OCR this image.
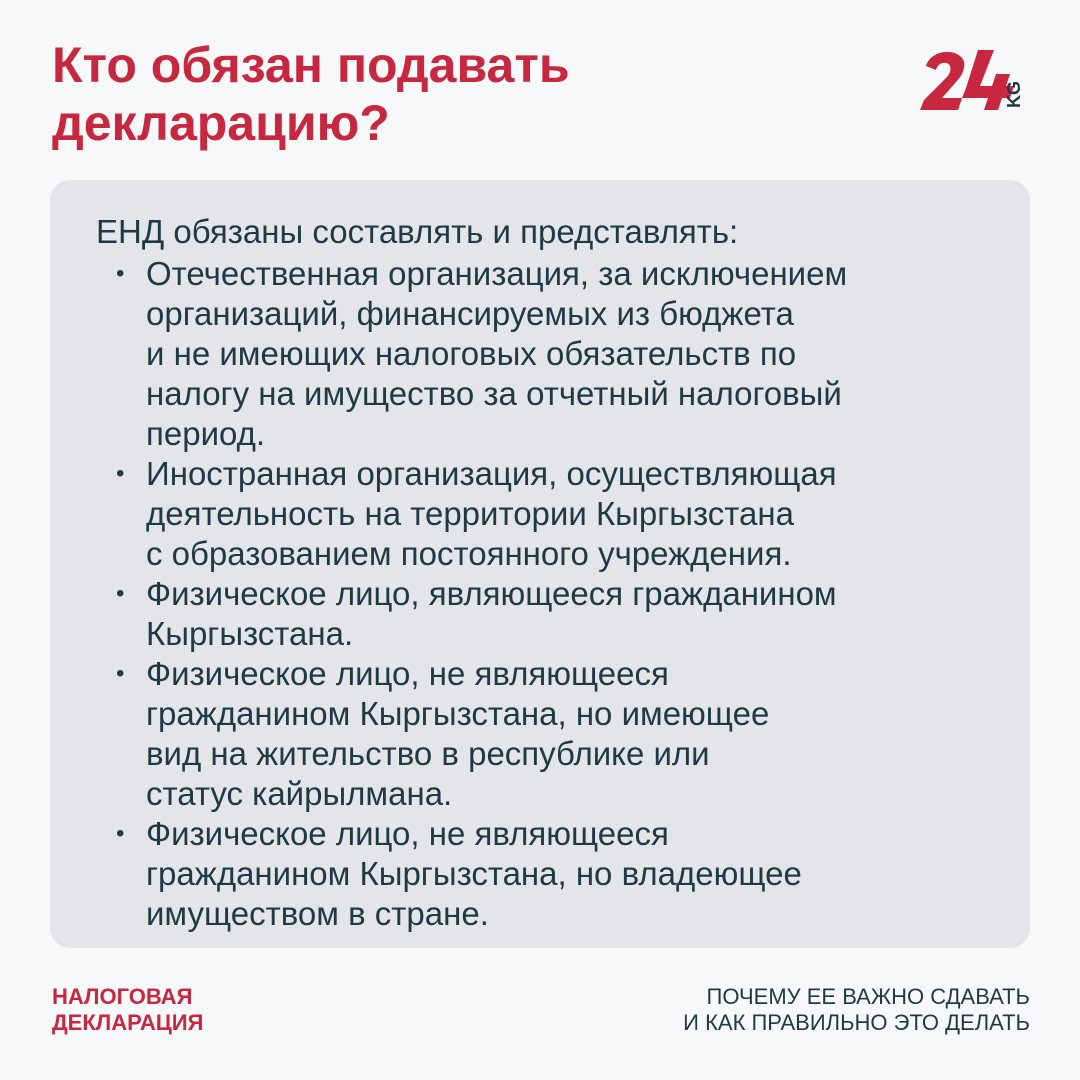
Кто обязан подавать декларацию?
KG

ЕНД обязаны составлять и представлять:

• Отечественная организация, за исключением
организаций, финансируемых из бюджета
и не имеющих налоговых обязательств по
налогу на имущество за отчетный налоговый
период.
• Иностранная организация, осуществляющая
деятельность на территории Кыргызстана
с образованием постоянного учреждения.
• Физическое лицо, являющееся гражданином
Кыргызстана.
• Физическое лицо, не являющееся
гражданином Кыргызстана, но имеющее
вид на жительство в республике или
статус кайрылмана.
• Физическое лицо, не являющееся
гражданином Кыргызстана, но владеющее
имуществом в стране.
НАЛОГОВАЯ
ДЕКЛАРАЦИЯ
ПОЧЕМУ ЕЕ ВАЖНО СДАВАТЬ
И КАК ПРАВИЛЬНО ЭТО ДЕЛАТЬ
